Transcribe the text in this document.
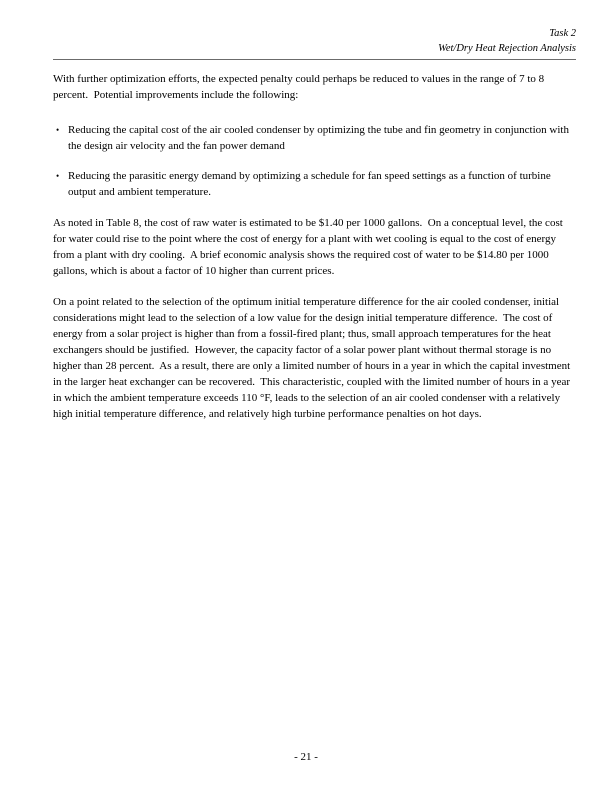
Task 2
Wet/Dry Heat Rejection Analysis

With further optimization efforts, the expected penalty could perhaps be reduced to values in the range of 7 to 8 percent.  Potential improvements include the following:

• Reducing the capital cost of the air cooled condenser by optimizing the tube and fin geometry in conjunction with the design air velocity and the fan power demand
• Reducing the parasitic energy demand by optimizing a schedule for fan speed settings as a function of turbine output and ambient temperature.

As noted in Table 8, the cost of raw water is estimated to be $1.40 per 1000 gallons.  On a conceptual level, the cost for water could rise to the point where the cost of energy for a plant with wet cooling is equal to the cost of energy from a plant with dry cooling.  A brief economic analysis shows the required cost of water to be $14.80 per 1000 gallons, which is about a factor of 10 higher than current prices.

On a point related to the selection of the optimum initial temperature difference for the air cooled condenser, initial considerations might lead to the selection of a low value for the design initial temperature difference.  The cost of energy from a solar project is higher than from a fossil-fired plant; thus, small approach temperatures for the heat exchangers should be justified.  However, the capacity factor of a solar power plant without thermal storage is no higher than 28 percent.  As a result, there are only a limited number of hours in a year in which the capital investment in the larger heat exchanger can be recovered.  This characteristic, coupled with the limited number of hours in a year in which the ambient temperature exceeds 110 °F, leads to the selection of an air cooled condenser with a relatively high initial temperature difference, and relatively high turbine performance penalties on hot days.

- 21 -
